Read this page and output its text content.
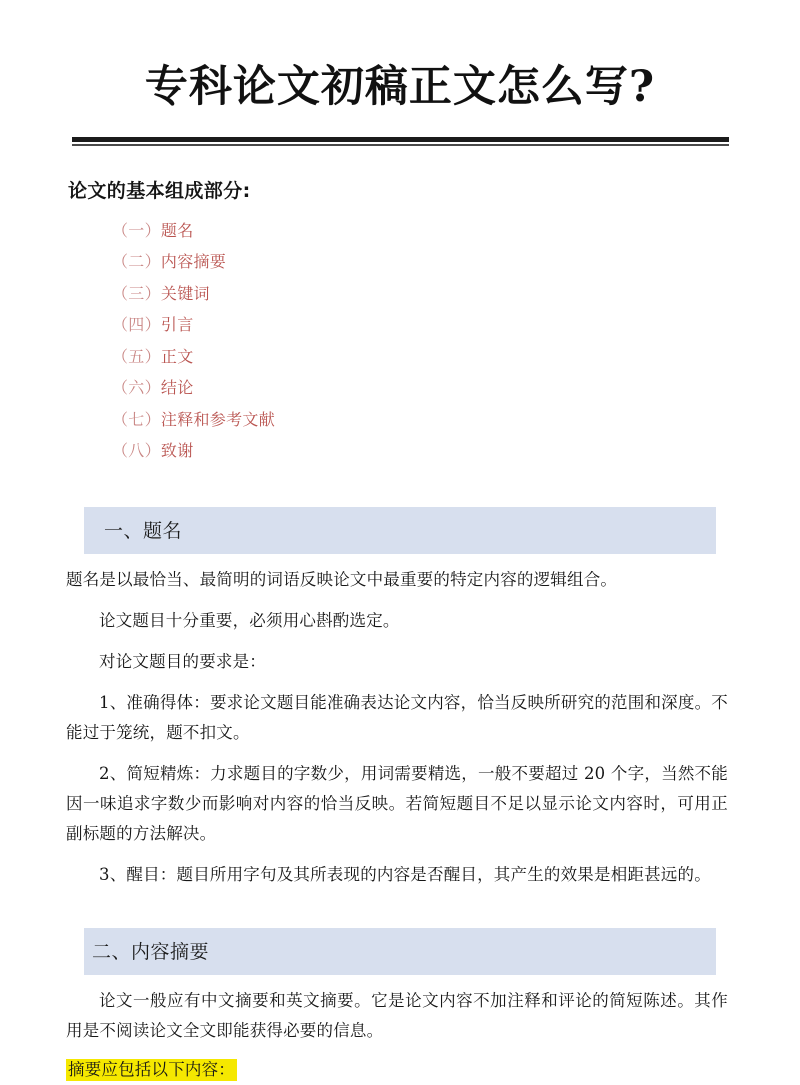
专科论文初稿正文怎么写?
论文的基本组成部分:
（一）题名
（二）内容摘要
（三）关键词
（四）引言
（五）正文
（六）结论
（七）注释和参考文献
（八）致谢
一、题名

题名是以最恰当、最简明的词语反映论文中最重要的特定内容的逻辑组合。

论文题目十分重要，必须用心斟酌选定。

对论文题目的要求是：

1、准确得体：要求论文题目能准确表达论文内容，恰当反映所研究的范围和深度。不能过于笼统，题不扣文。

2、简短精炼：力求题目的字数少，用词需要精选，一般不要超过 20 个字，当然不能因一味追求字数少而影响对内容的恰当反映。若简短题目不足以显示论文内容时，可用正副标题的方法解决。

3、醒目：题目所用字句及其所表现的内容是否醒目，其产生的效果是相距甚远的。

二、内容摘要

论文一般应有中文摘要和英文摘要。它是论文内容不加注释和评论的简短陈述。其作用是不阅读论文全文即能获得必要的信息。

摘要应包括以下内容：
